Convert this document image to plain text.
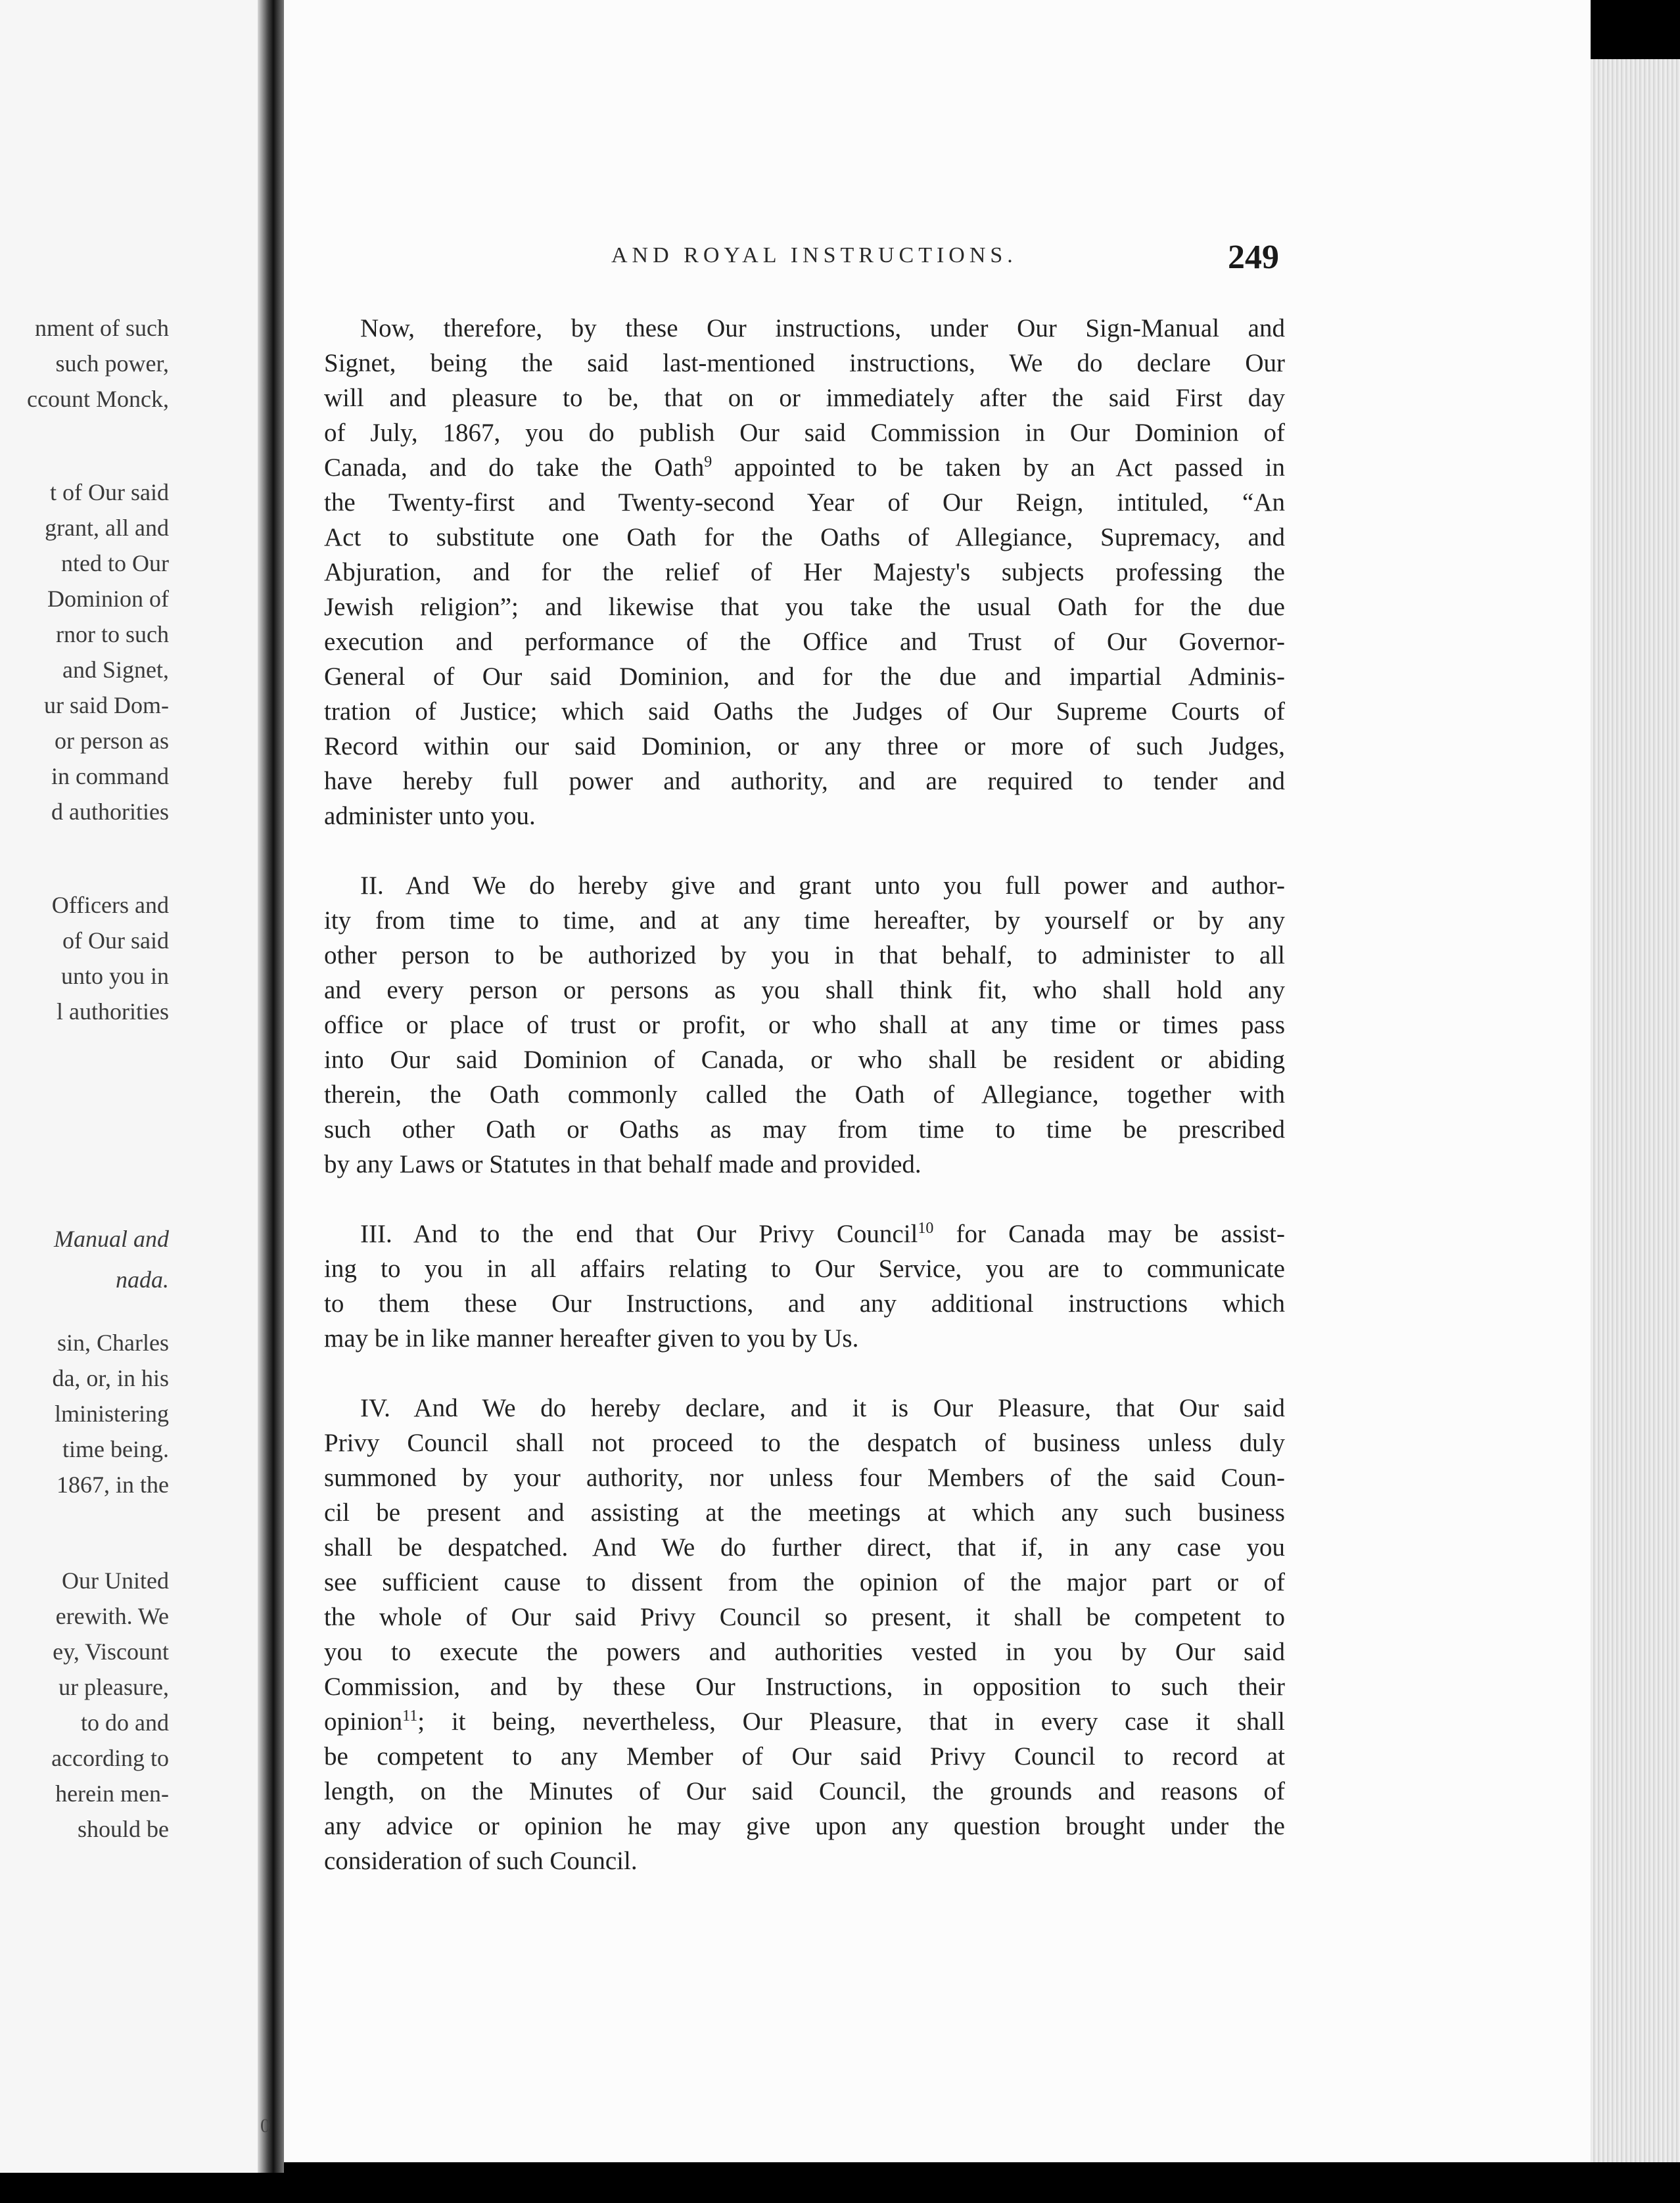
nment of such
such power,
ccount Monck,
t of Our said
grant, all and
nted to Our
Dominion of
rnor to such
and Signet,
ur said Dom-
or person as
in command
d authorities
Officers and
of Our said
unto you in
l authorities
Manual and
nada.
sin, Charles
da, or, in his
lministering
time being.
1867, in the
Our United
erewith. We
ey, Viscount
ur pleasure,
to do and
according to
herein men-
should be
AND ROYAL INSTRUCTIONS.	249
Now, therefore, by these Our instructions, under Our Sign-Manual and
Signet, being the said last-mentioned instructions, We do declare Our
will and pleasure to be, that on or immediately after the said First day
of July, 1867, you do publish Our said Commission in Our Dominion of
Canada, and do take the Oath$^9$ appointed to be taken by an Act passed in
the Twenty-first and Twenty-second Year of Our Reign, intituled, “An
Act to substitute one Oath for the Oaths of Allegiance, Supremacy, and
Abjuration, and for the relief of Her Majesty's subjects professing the
Jewish religion”; and likewise that you take the usual Oath for the due
execution and performance of the Office and Trust of Our Governor-
General of Our said Dominion, and for the due and impartial Adminis-
tration of Justice; which said Oaths the Judges of Our Supreme Courts of
Record within our said Dominion, or any three or more of such Judges,
have hereby full power and authority, and are required to tender and
administer unto you.
II. And We do hereby give and grant unto you full power and author-
ity from time to time, and at any time hereafter, by yourself or by any
other person to be authorized by you in that behalf, to administer to all
and every person or persons as you shall think fit, who shall hold any
office or place of trust or profit, or who shall at any time or times pass
into Our said Dominion of Canada, or who shall be resident or abiding
therein, the Oath commonly called the Oath of Allegiance, together with
such other Oath or Oaths as may from time to time be prescribed
by any Laws or Statutes in that behalf made and provided.
III. And to the end that Our Privy Council$^{10}$ for Canada may be assist-
ing to you in all affairs relating to Our Service, you are to communicate
to them these Our Instructions, and any additional instructions which
may be in like manner hereafter given to you by Us.
IV. And We do hereby declare, and it is Our Pleasure, that Our said
Privy Council shall not proceed to the despatch of business unless duly
summoned by your authority, nor unless four Members of the said Coun-
cil be present and assisting at the meetings at which any such business
shall be despatched. And We do further direct, that if, in any case you
see sufficient cause to dissent from the opinion of the major part or of
the whole of Our said Privy Council so present, it shall be competent to
you to execute the powers and authorities vested in you by Our said
Commission, and by these Our Instructions, in opposition to such their
opinion$^{11}$; it being, nevertheless, Our Pleasure, that in every case it shall
be competent to any Member of Our said Privy Council to record at
length, on the Minutes of Our said Council, the grounds and reasons of
any advice or opinion he may give upon any question brought under the
consideration of such Council.
0
